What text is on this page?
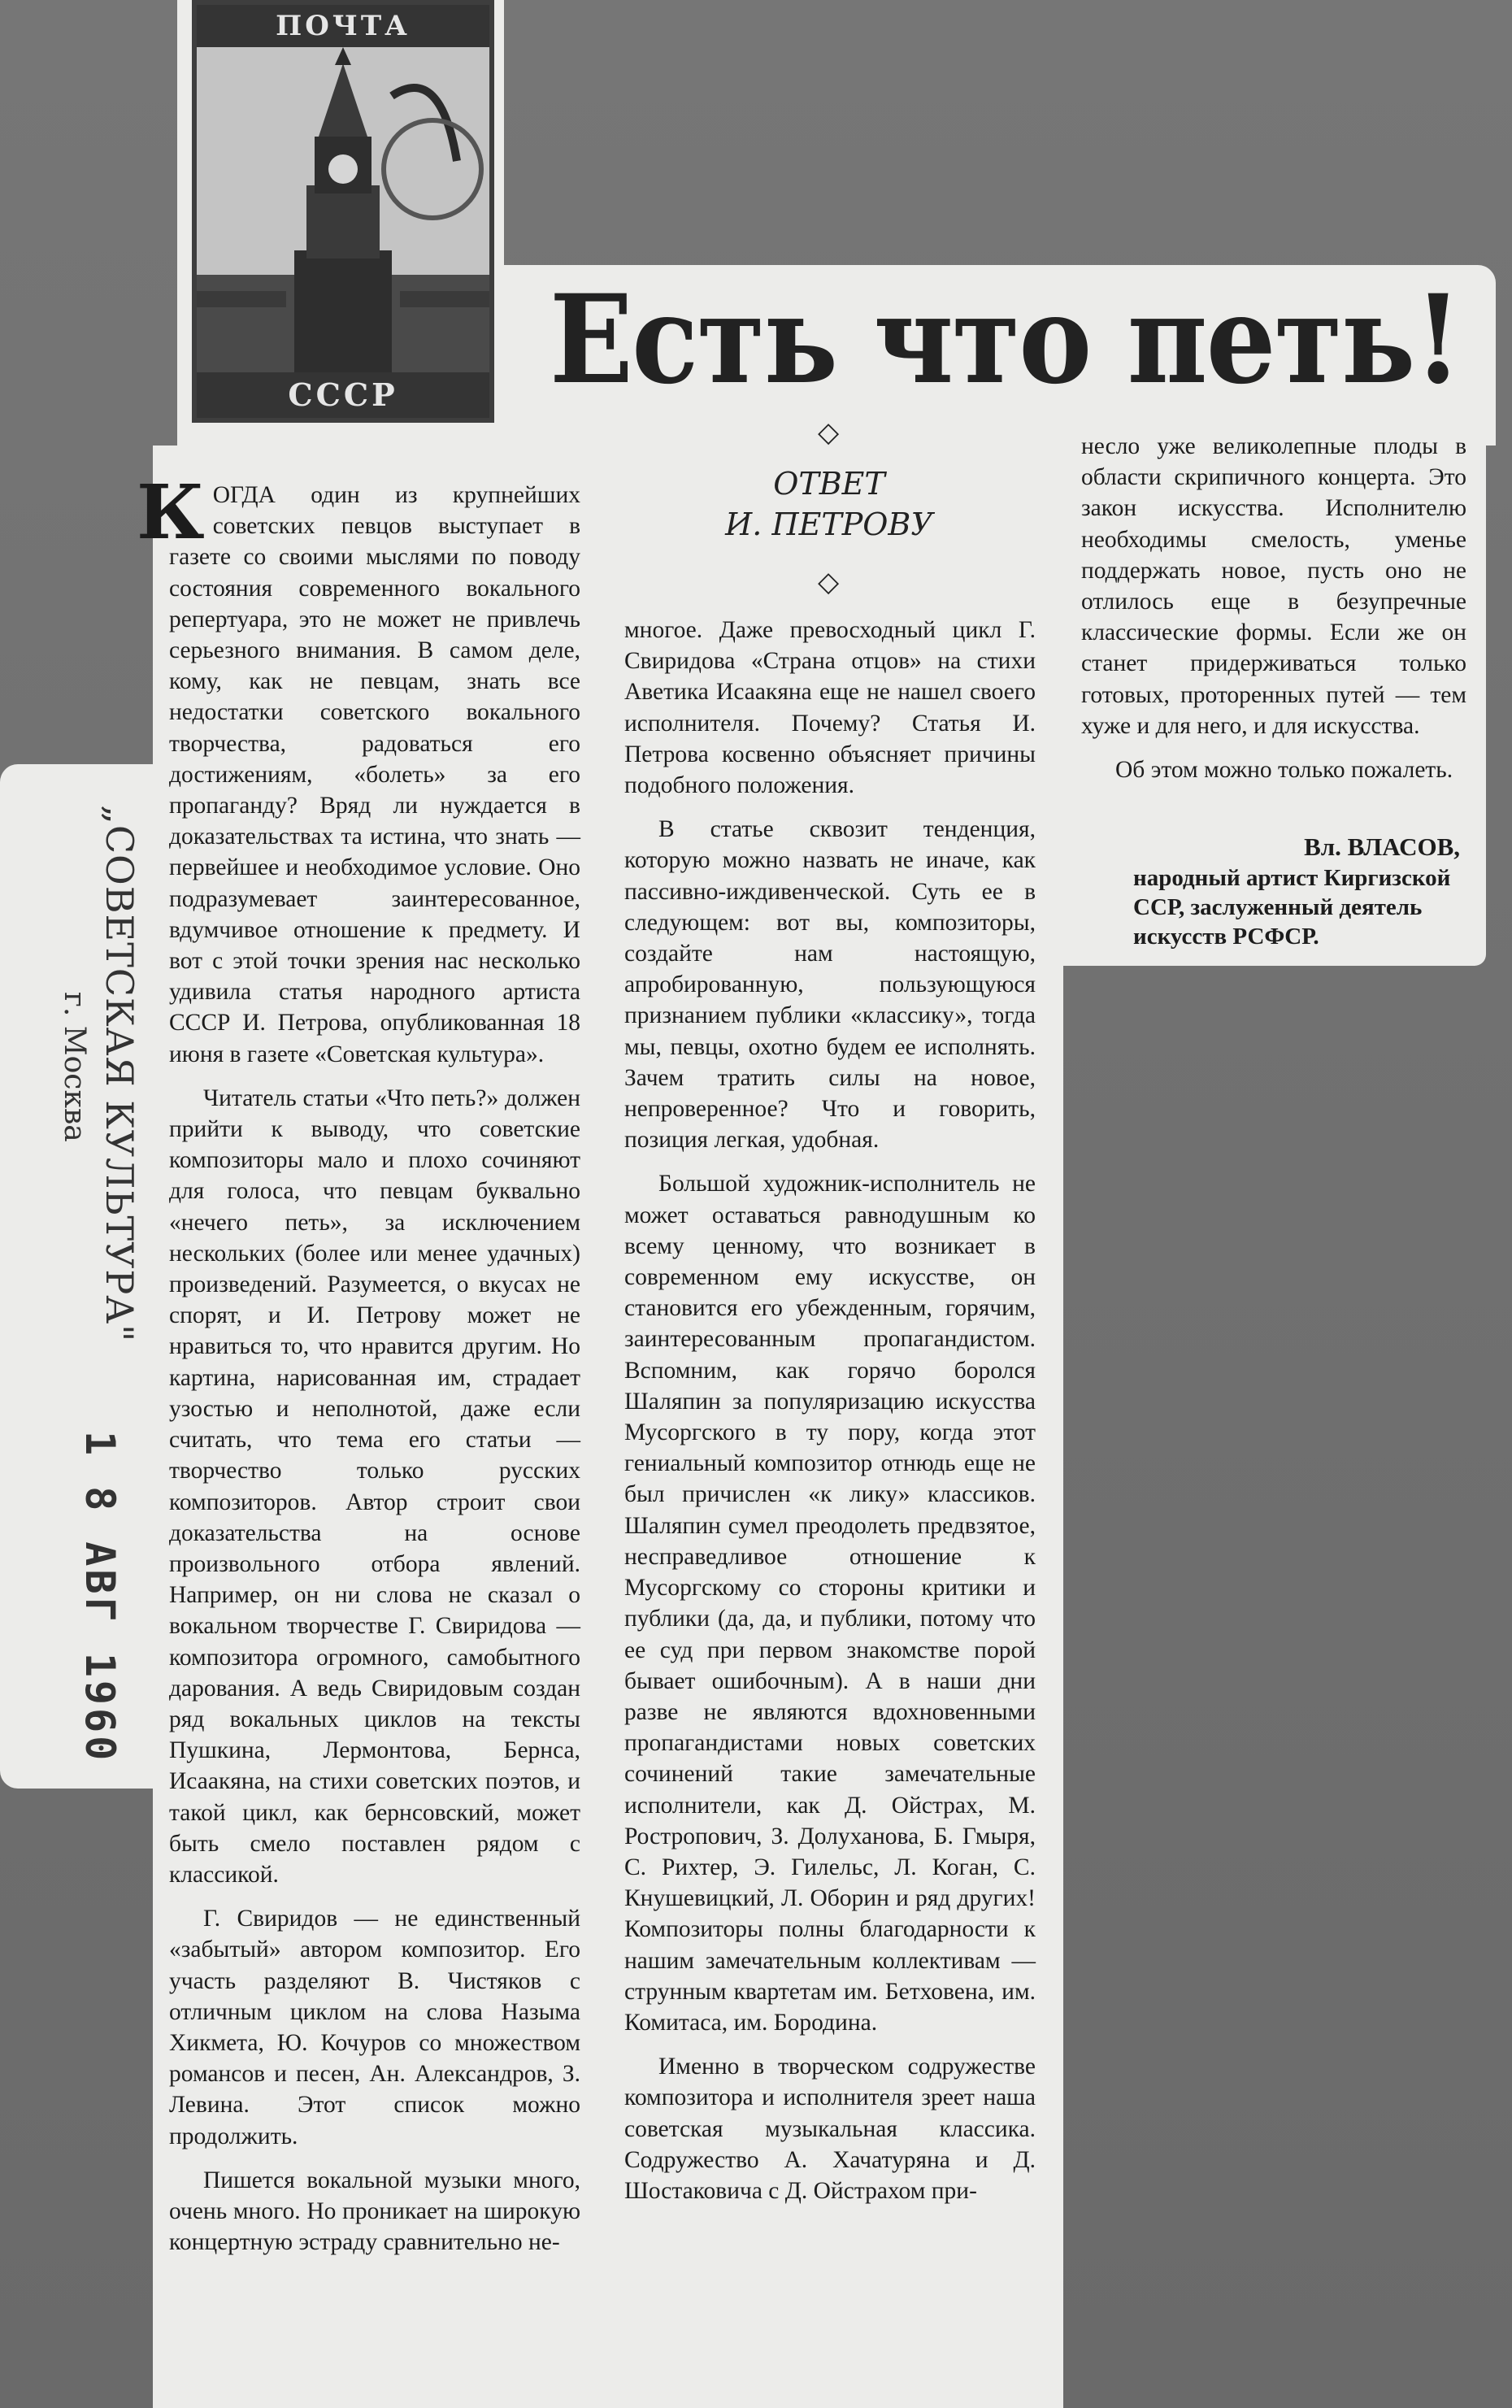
ПОЧТА
СССР	Есть что петь!
◇
ОТВЕТ
И. ПЕТРОВУ
◇

КОГДА один из крупнейших советских певцов выступает в газете со своими мыслями по поводу состояния современного вокального репертуара, это не может не привлечь серьезного внимания. В самом деле, кому, как не певцам, знать все недостатки советского вокального творчества, радоваться его достижениям, «болеть» за его пропаганду? Вряд ли нуждается в доказательствах та истина, что знать — первейшее и необходимое условие. Оно подразумевает заинтересованное, вдумчивое отношение к предмету. И вот с этой точки зрения нас несколько удивила статья народного артиста СССР И. Петрова, опубликованная 18 июня в газете «Советская культура».

Читатель статьи «Что петь?» должен прийти к выводу, что советские композиторы мало и плохо сочиняют для голоса, что певцам буквально «нечего петь», за исключением нескольких (более или менее удачных) произведений. Разумеется, о вкусах не спорят, и И. Петрову может не нравиться то, что нравится другим. Но картина, нарисованная им, страдает узостью и неполнотой, даже если считать, что тема его статьи — творчество только русских композиторов. Автор строит свои доказательства на основе произвольного отбора явлений. Например, он ни слова не сказал о вокальном творчестве Г. Свиридова — композитора огромного, самобытного дарования. А ведь Свиридовым создан ряд вокальных циклов на тексты Пушкина, Лермонтова, Бернса, Исаакяна, на стихи советских поэтов, и такой цикл, как бернсовский, может быть смело поставлен рядом с классикой.

Г. Свиридов — не единственный «забытый» автором композитор. Его участь разделяют В. Чистяков с отличным циклом на слова Назыма Хикмета, Ю. Кочуров со множеством романсов и песен, Ан. Александров, З. Левина. Этот список можно продолжить.

Пишется вокальной музыки много, очень много. Но проникает на широкую концертную эстраду сравнительно не-

многое. Даже превосходный цикл Г. Свиридова «Страна отцов» на стихи Аветика Исаакяна еще не нашел своего исполнителя. Почему? Статья И. Петрова косвенно объясняет причины подобного положения.

В статье сквозит тенденция, которую можно назвать не иначе, как пассивно-иждивенческой. Суть ее в следующем: вот вы, композиторы, создайте нам настоящую, апробированную, пользующуюся признанием публики «классику», тогда мы, певцы, охотно будем ее исполнять. Зачем тратить силы на новое, непроверенное? Что и говорить, позиция легкая, удобная.

Большой художник-исполнитель не может оставаться равнодушным ко всему ценному, что возникает в современном ему искусстве, он становится его убежденным, горячим, заинтересованным пропагандистом. Вспомним, как горячо боролся Шаляпин за популяризацию искусства Мусоргского в ту пору, когда этот гениальный композитор отнюдь еще не был причислен «к лику» классиков. Шаляпин сумел преодолеть предвзятое, несправедливое отношение к Мусоргскому со стороны критики и публики (да, да, и публики, потому что ее суд при первом знакомстве порой бывает ошибочным). А в наши дни разве не являются вдохновенными пропагандистами новых советских сочинений такие замечательные исполнители, как Д. Ойстрах, М. Ростропович, З. Долуханова, Б. Гмыря, С. Рихтер, Э. Гилельс, Л. Коган, С. Кнушевицкий, Л. Оборин и ряд других! Композиторы полны благодарности к нашим замечательным коллективам — струнным квартетам им. Бетховена, им. Комитаса, им. Бородина.

Именно в творческом содружестве композитора и исполнителя зреет наша советская музыкальная классика. Содружество А. Хачатуряна и Д. Шостаковича с Д. Ойстрахом при-

несло уже великолепные плоды в области скрипичного концерта. Это закон искусства. Исполнителю необходимы смелость, уменье поддержать новое, пусть оно не отлилось еще в безупречные классические формы. Если же он станет придерживаться только готовых, проторенных путей — тем хуже и для него, и для искусства.

Об этом можно только пожалеть.

Вл. ВЛАСОВ,
народный артист Киргизской ССР, заслуженный деятель искусств РСФСР.
„СОВЕТСКАЯ КУЛЬТУРА"
г. Москва
1 8 АВГ 1960
